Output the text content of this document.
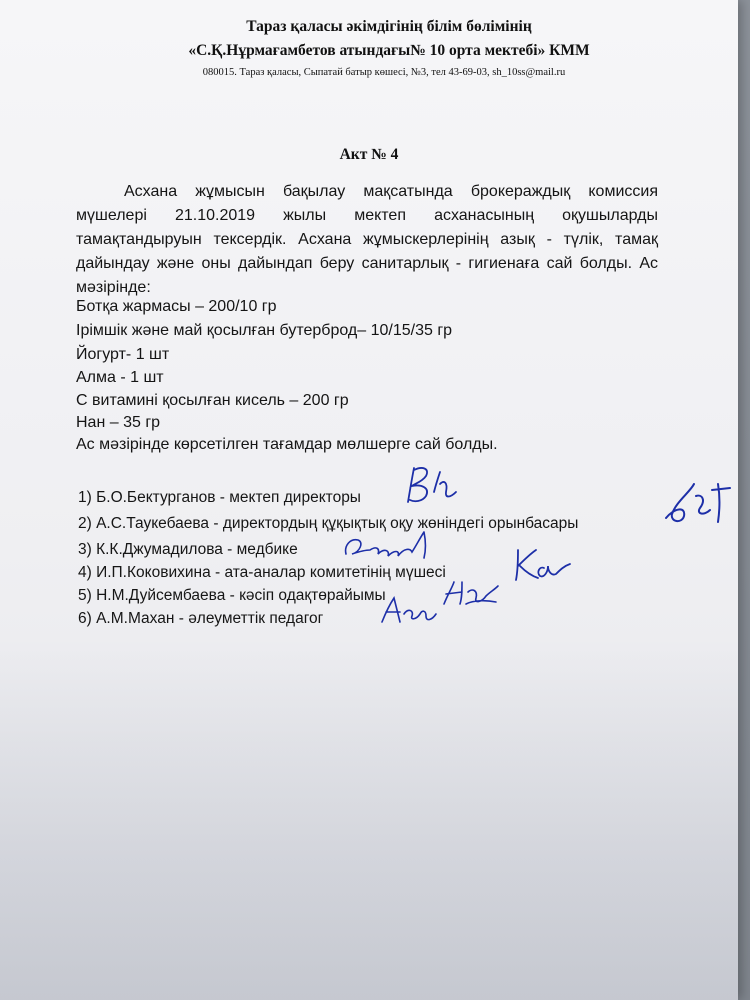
Тараз қаласы әкімдігінің білім бөлімінің
«С.Қ.Нұрмағамбетов атындағы№ 10 орта мектебі» КММ
080015. Тараз қаласы, Сыпатай батыр көшесі, №3, тел 43-69-03, sh_10ss@mail.ru
Акт № 4
Асхана жұмысын бақылау мақсатында брокераждық комиссия мүшелері 21.10.2019 жылы мектеп асханасының оқушыларды тамақтандыруын тексердік. Асхана жұмыскерлерінің азық - түлік, тамақ дайындау және оны дайындап беру санитарлық - гигиенаға сай болды. Ас мәзірінде:
Ботқа жармасы – 200/10 гр
Ірімшік және май қосылған бутерброд– 10/15/35 гр
Йогурт- 1 шт
Алма - 1 шт
С витамині қосылған кисель – 200 гр
Нан – 35 гр
Ас мәзірінде көрсетілген тағамдар мөлшерге сай болды.
1) Б.О.Бектурганов - мектеп директоры
2) А.С.Таукебаева - директордың құқықтық оқу жөніндегі орынбасары
3) К.К.Джумадилова - медбике
4) И.П.Коковихина - ата-аналар комитетінің мүшесі
5) Н.М.Дуйсембаева - кәсіп одақтөрайымы
6) А.М.Махан - әлеуметтік педагог
